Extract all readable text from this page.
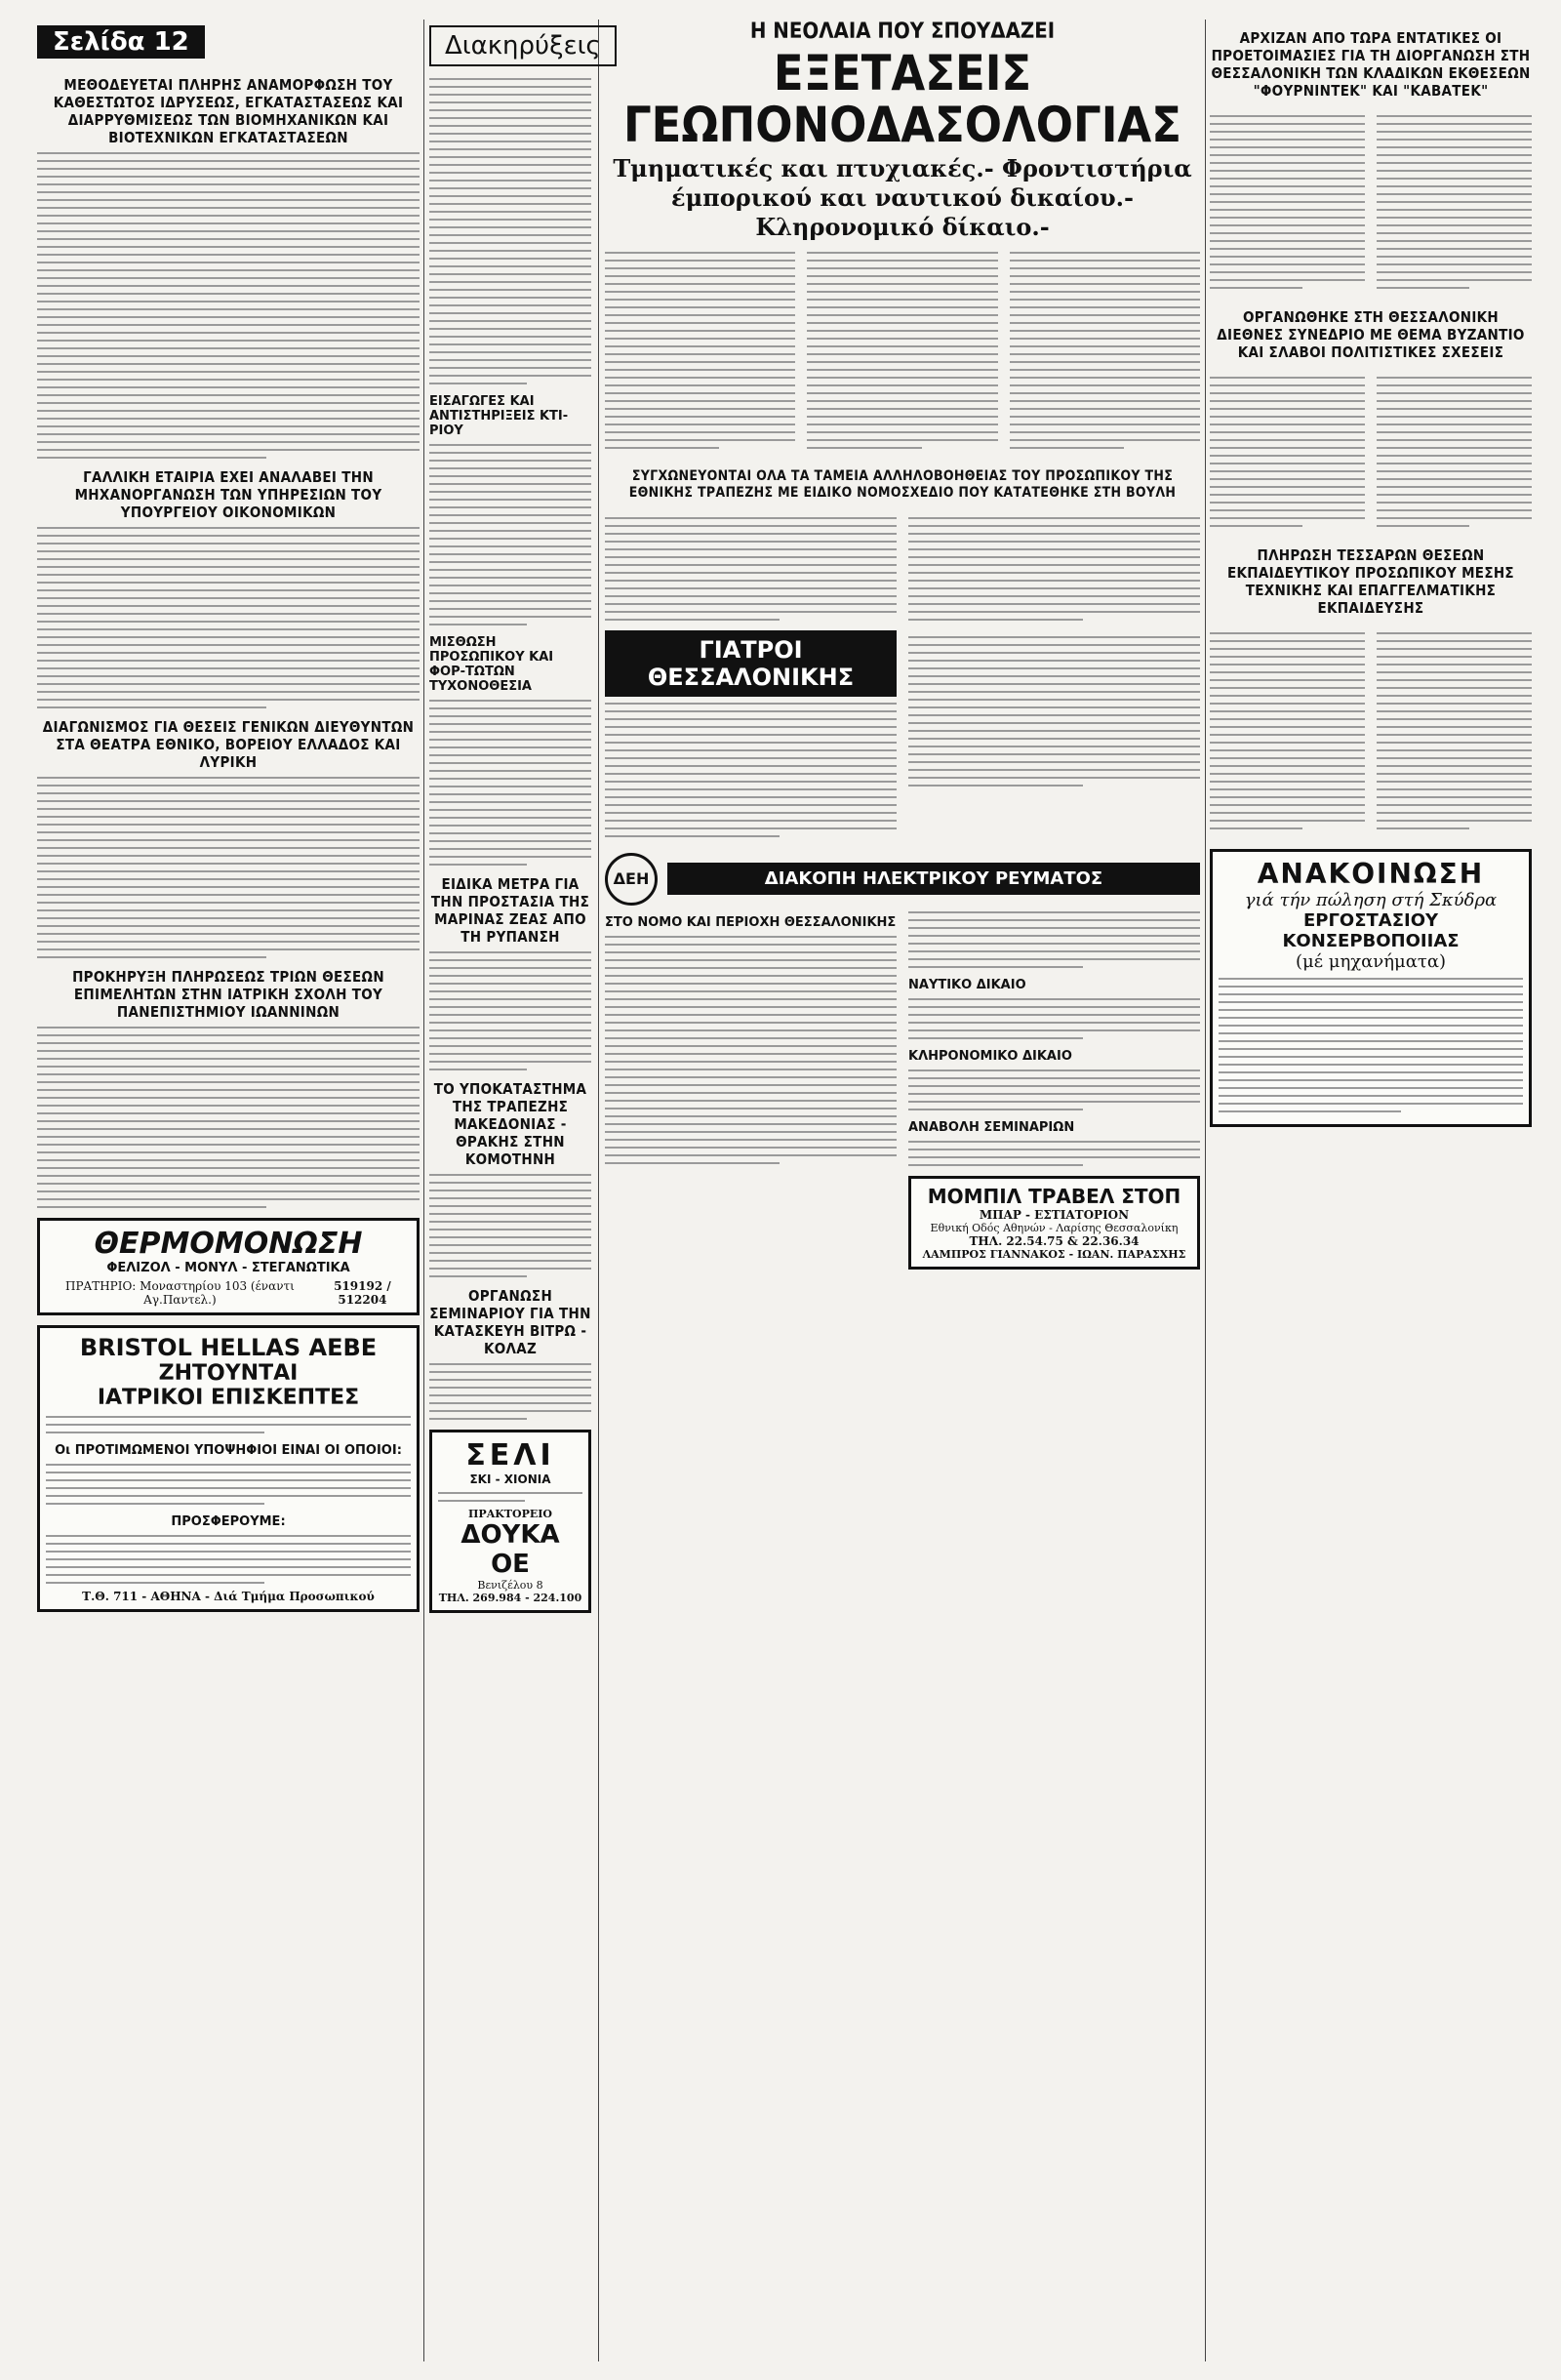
Σελίδα 12
ΜΕΘΟΔΕΥΕΤΑΙ ΠΛΗΡΗΣ ΑΝΑΜΟΡΦΩΣΗ ΤΟΥ ΚΑΘΕΣΤΩΤΟΣ ΙΔΡΥΣΕΩΣ, ΕΓΚΑΤΑΣΤΑΣΕΩΣ ΚΑΙ ΔΙΑΡΡΥΘΜΙΣΕΩΣ ΤΩΝ ΒΙΟΜΗΧΑΝΙΚΩΝ ΚΑΙ ΒΙΟΤΕΧΝΙΚΩΝ ΕΓΚΑΤΑΣΤΑΣΕΩΝ
ΓΑΛΛΙΚΗ ΕΤΑΙΡΙΑ ΕΧΕΙ ΑΝΑΛΑΒΕΙ ΤΗΝ ΜΗΧΑΝΟΡΓΑΝΩΣΗ ΤΩΝ ΥΠΗΡΕΣΙΩΝ ΤΟΥ ΥΠΟΥΡΓΕΙΟΥ ΟΙΚΟΝΟΜΙΚΩΝ
ΔΙΑΓΩΝΙΣΜΟΣ ΓΙΑ ΘΕΣΕΙΣ ΓΕΝΙΚΩΝ ΔΙΕΥΘΥΝΤΩΝ ΣΤΑ ΘΕΑΤΡΑ ΕΘΝΙΚΟ, ΒΟΡΕΙΟΥ ΕΛΛΑΔΟΣ ΚΑΙ ΛΥΡΙΚΗ
ΠΡΟΚΗΡΥΞΗ ΠΛΗΡΩΣΕΩΣ ΤΡΙΩΝ ΘΕΣΕΩΝ ΕΠΙΜΕΛΗΤΩΝ ΣΤΗΝ ΙΑΤΡΙΚΗ ΣΧΟΛΗ ΤΟΥ ΠΑΝΕΠΙΣΤΗΜΙΟΥ ΙΩΑΝΝΙΝΩΝ
ΘΕΡΜΟΜΟΝΩΣΗ
ΦΕΛΙΖΟΛ - ΜΟΝΥΛ - ΣΤΕΓΑΝΩΤΙΚΑ
ΠΡΑΤΗΡΙΟ: Μοναστηρίου 103 (έναντι Αγ.Παντελ.)
519192 / 512204
BRISTOL HELLAS ΑΕΒΕ
ΖΗΤΟΥΝΤΑΙ
ΙΑΤΡΙΚΟΙ ΕΠΙΣΚΕΠΤΕΣ
Οι ΠΡΟΤΙΜΩΜΕΝΟΙ ΥΠΟΨΗΦΙΟΙ ΕΙΝΑΙ ΟΙ ΟΠΟΙΟΙ:
ΠΡΟΣΦΕΡΟΥΜΕ:
Τ.Θ. 711 - ΑΘΗΝΑ - Διά Τμήμα Προσωπικού
Διακηρύξεις
ΕΙΣΑΓΩΓΕΣ ΚΑΙ ΑΝΤΙΣΤΗΡΙΞΕΙΣ ΚΤΙ-ΡΙΟΥ
ΜΙΣΘΩΣΗ ΠΡΟΣΩΠΙΚΟΥ ΚΑΙ ΦΟΡ-ΤΩΤΩΝ ΤΥΧΟΝΟΘΕΣΙΑ
ΕΙΔΙΚΑ ΜΕΤΡΑ ΓΙΑ ΤΗΝ ΠΡΟΣΤΑΣΙΑ ΤΗΣ ΜΑΡΙΝΑΣ ΖΕΑΣ ΑΠΟ ΤΗ ΡΥΠΑΝΣΗ
ΤΟ ΥΠΟΚΑΤΑΣΤΗΜΑ ΤΗΣ ΤΡΑΠΕΖΗΣ ΜΑΚΕΔΟΝΙΑΣ - ΘΡΑΚΗΣ ΣΤΗΝ ΚΟΜΟΤΗΝΗ
ΟΡΓΑΝΩΣΗ ΣΕΜΙΝΑΡΙΟΥ ΓΙΑ ΤΗΝ ΚΑΤΑΣΚΕΥΗ ΒΙΤΡΩ - ΚΟΛΑΖ
ΣΕΛΙ
ΣΚΙ - ΧΙΟΝΙΑ
ΠΡΑΚΤΟΡΕΙΟ
ΔΟΥΚΑ ΟΕ
Βενιζέλου 8
ΤΗΛ. 269.984 - 224.100
Η ΝΕΟΛΑΙΑ ΠΟΥ ΣΠΟΥΔΑΖΕΙ
ΕΞΕΤΑΣΕΙΣ ΓΕΩΠΟΝΟΔΑΣΟΛΟΓΙΑΣ
Τμηματικές και πτυχιακές.- Φροντιστήρια έμπορικού και ναυτικού δικαίου.- Κληρονομικό δίκαιο.-
ΣΥΓΧΩΝΕΥΟΝΤΑΙ ΟΛΑ ΤΑ ΤΑΜΕΙΑ ΑΛΛΗΛΟΒΟΗΘΕΙΑΣ ΤΟΥ ΠΡΟΣΩΠΙΚΟΥ ΤΗΣ ΕΘΝΙΚΗΣ ΤΡΑΠΕΖΗΣ ΜΕ ΕΙΔΙΚΟ ΝΟΜΟΣΧΕΔΙΟ ΠΟΥ ΚΑΤΑΤΕΘΗΚΕ ΣΤΗ ΒΟΥΛΗ
ΓΙΑΤΡΟΙ ΘΕΣΣΑΛΟΝΙΚΗΣ
ΔΕΗ	ΔΙΑΚΟΠΗ ΗΛΕΚΤΡΙΚΟΥ ΡΕΥΜΑΤΟΣ
ΣΤΟ ΝΟΜΟ ΚΑΙ ΠΕΡΙΟΧΗ ΘΕΣΣΑΛΟΝΙΚΗΣ
ΝΑΥΤΙΚΟ ΔΙΚΑΙΟ
ΚΛΗΡΟΝΟΜΙΚΟ ΔΙΚΑΙΟ
ΑΝΑΒΟΛΗ ΣΕΜΙΝΑΡΙΩΝ
ΜΟΜΠΙΛ ΤΡΑΒΕΛ ΣΤΟΠ
ΜΠΑΡ - ΕΣΤΙΑΤΟΡΙΟΝ
Εθνική Οδός Αθηνών - Λαρίσης Θεσσαλονίκη
ΤΗΛ. 22.54.75 & 22.36.34
ΛΑΜΠΡΟΣ ΓΙΑΝΝΑΚΟΣ - ΙΩΑΝ. ΠΑΡΑΣΧΗΣ
ΑΡΧΙΖΑΝ ΑΠΟ ΤΩΡΑ ΕΝΤΑΤΙΚΕΣ ΟΙ ΠΡΟΕΤΟΙΜΑΣΙΕΣ ΓΙΑ ΤΗ ΔΙΟΡΓΑΝΩΣΗ ΣΤΗ ΘΕΣΣΑΛΟΝΙΚΗ ΤΩΝ ΚΛΑΔΙΚΩΝ ΕΚΘΕΣΕΩΝ "ΦΟΥΡΝΙΝΤΕΚ" ΚΑΙ "ΚΑΒΑΤΕΚ"
ΟΡΓΑΝΩΘΗΚΕ ΣΤΗ ΘΕΣΣΑΛΟΝΙΚΗ ΔΙΕΘΝΕΣ ΣΥΝΕΔΡΙΟ ΜΕ ΘΕΜΑ ΒΥΖΑΝΤΙΟ ΚΑΙ ΣΛΑΒΟΙ ΠΟΛΙΤΙΣΤΙΚΕΣ ΣΧΕΣΕΙΣ
ΠΛΗΡΩΣΗ ΤΕΣΣΑΡΩΝ ΘΕΣΕΩΝ ΕΚΠΑΙΔΕΥΤΙΚΟΥ ΠΡΟΣΩΠΙΚΟΥ ΜΕΣΗΣ ΤΕΧΝΙΚΗΣ ΚΑΙ ΕΠΑΓΓΕΛΜΑΤΙΚΗΣ ΕΚΠΑΙΔΕΥΣΗΣ
ΑΝΑΚΟΙΝΩΣΗ
γιά τήν πώληση στή Σκύδρα
ΕΡΓΟΣΤΑΣΙΟΥ ΚΟΝΣΕΡΒΟΠΟΙΙΑΣ
(μέ μηχανήματα)
